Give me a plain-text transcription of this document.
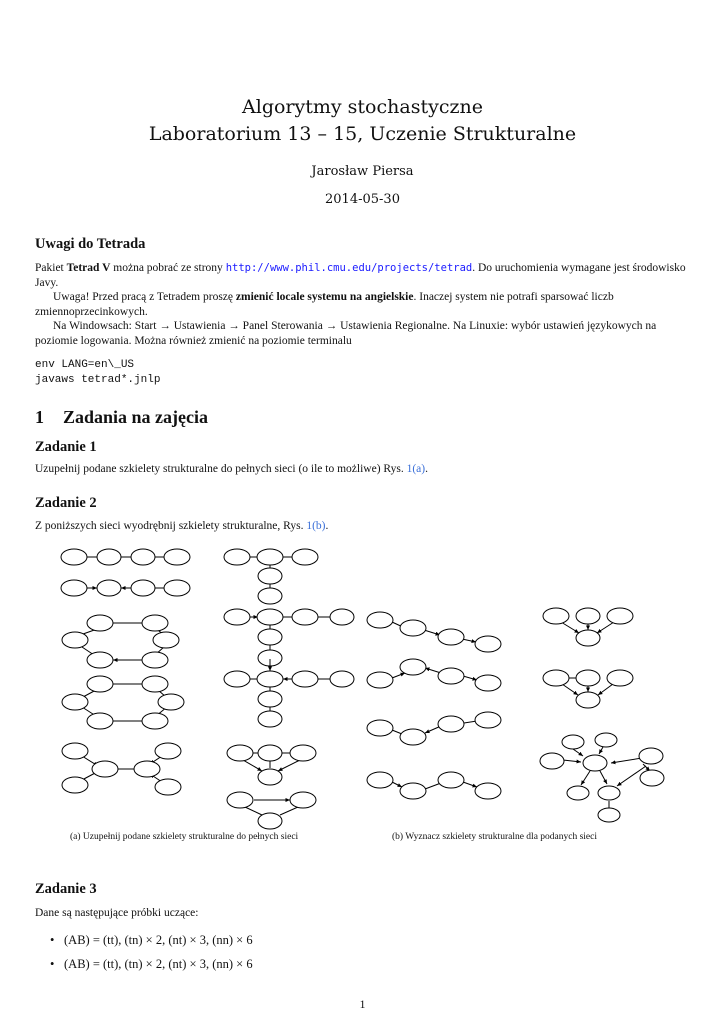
Algorytmy stochastyczne
Laboratorium 13 – 15, Uczenie Strukturalne
Jarosław Piersa
2014-05-30
Uwagi do Tetrada
Pakiet Tetrad V można pobrać ze strony http://www.phil.cmu.edu/projects/tetrad. Do uruchomienia wymagane jest środowisko Javy.
Uwaga! Przed pracą z Tetradem proszę zmienić locale systemu na angielskie. Inaczej system nie potrafi sparsować liczb zmiennoprzecinkowych.
Na Windowsach: Start → Ustawienia → Panel Sterowania → Ustawienia Regionalne. Na Linuxie: wybór ustawień językowych na poziomie logowania. Można również zmienić na poziomie terminalu
env LANG=en\_US
javaws tetrad*.jnlp
1 Zadania na zajęcia
Zadanie 1
Uzupełnij podane szkielety strukturalne do pełnych sieci (o ile to możliwe) Rys. 1(a).
Zadanie 2
Z poniższych sieci wyodrębnij szkielety strukturalne, Rys. 1(b).
(a) Uzupełnij podane szkielety strukturalne do pełnych sieci	(b) Wyznacz szkielety strukturalne dla podanych sieci
Zadanie 3
Dane są następujące próbki uczące:
• (AB) = (tt), (tn) × 2, (nt) × 3, (nn) × 6
• (AB) = (tt), (tn) × 2, (nt) × 3, (nn) × 6
1
